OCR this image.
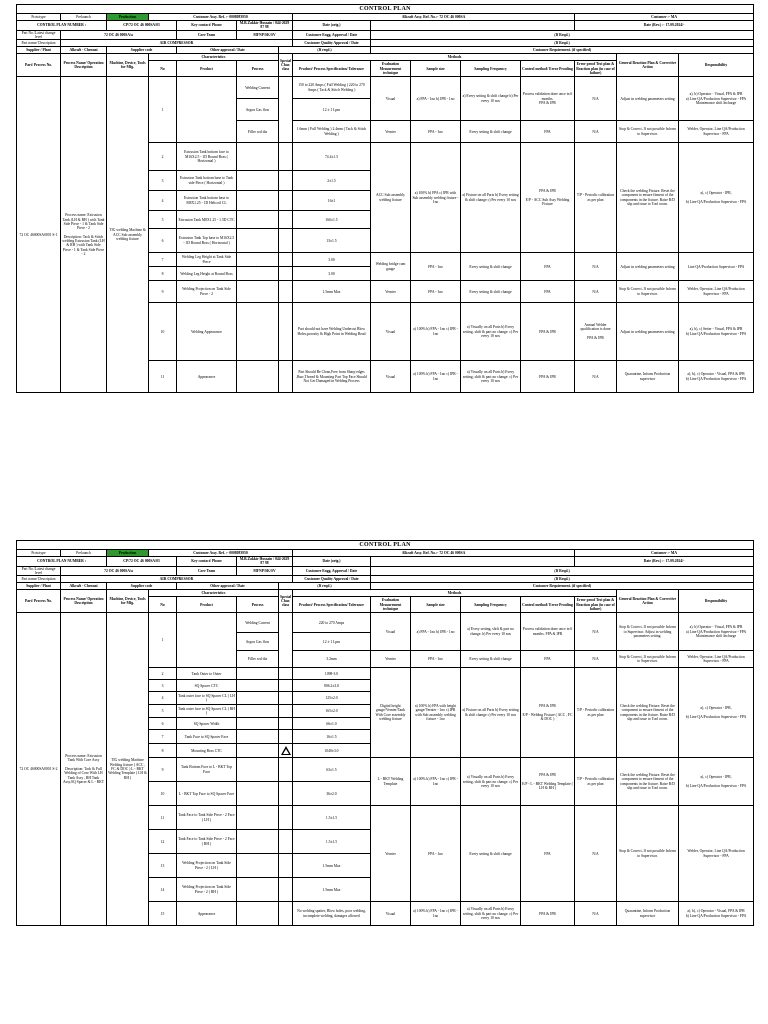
CONTROL PLAN														
Prototype	Prelaunch	Production	Customer Assy. Ref. :- 0008083950				Alkraft Assy. Ref. No.:- 72 OC 46 000SA					Customer :- MA		
CONTROL PLAN NUMBER :		CP/72 OC 46 000SA/03		Key contact/ Phone	M.B.Zakkir Hussain / 044-2629 87 98		Date (orig.)					Date (Rev.) :- 17.09.2024/-		
Part No./Latest change level	72 OC 46 000SA/a			Core Team	MFNP/SK/SV		Customer Engg. Approval / Date	(If Reqd.)						
Part name/ Description	AIR COMPRESSOR						Customer Quality Approval / Date	(If Reqd.)						
Supplier / Plant	Alkraft - Chennai	Supplier code		Other approval / Date		(If reqd.)		Customer Requirement. (if specified)						
Part/ Process No.	Process Name/ Operation Description	Machine, Device, Tools for Mfg.	Characteristics			Special Char. class	Methods						General Reaction Plan & Corrective Action	Responsibility
			No	Product	Process		Product/ Process Specification/ Tolerance	Evaluation Measurement technique	Sample size	Sampling Frequency	Control method/ Error Proofing	Error proof Test plan & Reaction plan (in case of failure)		
72 OC 46000SA0001 S-1	Process name: Extrusion Tank (LH & RH ) with Tank Side Piece - 1 & Tank Side Piece - 2

Description: Tack & Stitch welding Extrusion Tank (LH & RH ) with Tank Side Piece - 1 & Tank Side Piece - 2	TIG welding Machine & ACC Sub assembly welding fixture	1		Welding Current		150 to 220 Amps ( Full Welding ) 220 to 270 Amps ( Tack & Stitch Welding )	Visual	a) FPA - 1no b) IPR - 1no	a) Every setting & shift change b) Per every 10 nos	Process validation done once in 6 months.
FPA & IPR	N/A	Adjust in welding parameters setting	a), b) Operator - Visual, FPA & IPR
a) Line QA/Production Supervisor - FPA
Maintenance shift Incharge
					Argon Gas flow		12 ± 1 Lpm							
					Filler rod dia		1.6mm ( Full Welding ) 2.4mm ( Tack & Stitch Welding )	Vernier	FPA - 1no	Every setting & shift change	FPA	N/A	Stop & Correct, If not possible Inform to Supervisor.	Welder, Operator, Line QA/Production Supervisor - FPA
			2	Extrusion Tank bottom face to M16X2.5 - 1D Round Boss ( Horizontal )			74.4±1.5	ACC Sub assembly welding fixture	a) 100% b) FPA c) IPR with Sub assembly welding fixture - 1no	a) Fixture on all Parts b) Every setting & shift change c) Per every 10 nos	FPA & IPR

E/P - ACC Sub Assy Welding Fixture	T/P - Periodic calibration as per plan	Check the welding Fixture. Reset the component to ensure fitment of the components in the fixture. Raise R/D slip and issue to Tool room.	a), c) Operator - IPR,

b) Line QA/Production Supervisor - FPA
			3	Extrusion Tank bottom base to Tank side Piece ( Horizontal )			2±1.5							
			4	Extrusion Tank bottom base to M8X1.25 - 1D Helicoil CL			16±1							
			5	Extrusion Tank M8X1.25 - 1.5D CTC			166±1.5							
			6	Extrusion Tank Top base to M16X2.5 - 1D Round Boss ( Horizontal )			13±1.5							
			7	Welding Leg Height at Tank Side Piece			3.00	Welding bridge cam gauge	FPA - 1no	Every setting & shift change	FPA	N/A	Adjust in welding parameters setting	Line QA/Production Supervisor - FPA
			8	Welding Leg Height at Round Boss			3.00							
			9	Welding Projection on Tank Side Piece - 2			1.5mm Max	Vernier	FPA - 1no	Every setting & shift change	FPA	N/A	Stop & Correct, If not possible Inform to Supervisor.	Welder, Operator, Line QA/Production Supervisor - FPA
			10	Welding Appearance			Part should not have Welding Undercut Blow Holes,porosity & High Point in Welding Bead	Visual	a) 100% b) FPA - 1no c) IPR - 1no	a) Visually on all Parts b) Every setting, shift & part no change. c) Per every 10 nos	FPA & IPR	Annual Welder qualification is done

FPA & IPR	Adjust in welding parameters setting	a), b), c) Setter - Visual, FPA & IPR
b) Line QA/Production Supervisor - FPA
			11	Appearance			Part Should Be Clean,Free from Sharp edges ,Burr,Thread & Mounting Part Top Face Should Not Get Damaged in Welding Process	Visual	a) 100% b) FPA - 1no c) IPR - 1no	a) Visually on all Parts b) Every setting, shift & part no change. c) Per every 10 nos	FPA & IPR	N/A	Quarantine, Inform Production supervisor	a), b), c) Operator - Visual, FPA & IPR
b) Line QA/Production Supervisor - FPA
CONTROL PLAN														
Prototype	Prelaunch	Production	Customer Assy. Ref. :- 0008083950				Alkraft Assy. Ref. No.:- 72 OC 46 000SA					Customer :- MA		
CONTROL PLAN NUMBER :		CP/72 OC 46 000SA/03		Key contact/ Phone	M.B.Zakkir Hussain / 044-2629 87 98		Date (orig.)					Date (Rev.) :- 17.09.2024/-		
Part No./Latest change level	72 OC 46 000SA/a			Core Team	MFNP/SK/SV		Customer Engg. Approval / Date	(If Reqd.)						
Part name/ Description	AIR COMPRESSOR						Customer Quality Approval / Date	(If Reqd.)						
Supplier / Plant	Alkraft - Chennai	Supplier code		Other approval / Date		(If reqd.)		Customer Requirement. (if specified)						
Part/ Process No.	Process Name/ Operation Description	Machine, Device, Tools for Mfg.	Characteristics			Special Char. class	Methods						General Reaction Plan & Corrective Action	Responsibility
			No	Product	Process		Product/ Process Specification/ Tolerance	Evaluation Measurement technique	Sample size	Sampling Frequency	Control method/ Error Proofing	Error proof Test plan & Reaction plan (in case of failure)		
72 OC 46000SA0001 S-2	Process name: Extrusion Tank With Core Assy

Description: Tack & Full Welding of Core With LH Tank Assy , RH Tank Assy,SQ Spacer & L - BKT	TIG welding Machine Welding fixture ( ACC , FC & DOC ) L - BKT Welding Template ( LH & RH )	1		Welding Current		220 to 270 Amps	Visual	a) FPA - 1no b) IPR - 1no	a) Every setting, shift & part no change. b) Per every 10 nos	Process validation done once in 6 months. FPA & IPR	N/A	Stop & Correct, If not possible Inform to Supervisor. Adjust in welding parameters setting.	a), b) Operator - Visual, FPA & IPR
a) Line QA/Production Supervisor - FPA
Maintenance shift Incharge
					Argon Gas flow		12 ± 1 Lpm							
					Filler rod dia		3.2mm	Vernier	FPA - 1no	Every setting & shift change	FPA	N/A	Stop & Correct, If not possible Inform to Supervisor.	Welder, Operator, Line QA/Production Supervisor - FPA
			2	Tank Outer to Outer			1098-3.0	Digital height gauge/Vernier/Tank With Core assembly welding fixture	a) 100% b) FPA with height gauge/Vernier - 1no c) IPR with Sub assembly welding fixture - 1no	a) Fixture on all Parts b) Every setting & shift change c) Per every 10 nos	FPA & IPR

E/P - Welding Fixture ( ACC , FC & DOC )	T/P - Periodic calibration as per plan	Check the welding Fixture. Reset the component to ensure fitment of the components in the fixture. Raise R/D slip and issue to Tool room.	a), c) Operator - IPR,

b) Line QA/Production Supervisor - FPA
			3	SQ Spacer CTC			806.2±3.0							
			4	Tank outer face to SQ Spacer CL ( LH )			125±2.0							
			5	Tank outer face to SQ Spacer CL ( RH )			165±2.0							
			6	SQ Spacer Width			66±1.0							
			7	Tank Face to SQ Spacer Face			16±1.5							
			8	Mounting Boss CTC			1040±3.0							
			9	Tank Bottom Face to L - BKT Top Face			63±1.5	L - BKT Welding Template	a) 100% b) FPA - 1no c) IPR - 1no	a) Visually on all Parts b) Every setting, shift & part no change. c) Per every 10 nos	FPA & IPR

E/P - L - BKT Welding Template ( LH & RH )	T/P - Periodic calibration as per plan	Check the welding Fixture. Reset the component to ensure fitment of the components in the fixture. Raise R/D slip and issue to Tool room.	a), c) Operator - IPR,

b) Line QA/Production Supervisor - FPA
			10	L - BKT Top Face to SQ Spacer Face			36±2.0							
			11	Tank Face to Tank Side Piece - 2 Face ( LH )			1.5±1.5	Vernier	FPA - 1no	Every setting & shift change	FPA	N/A	Stop & Correct, If not possible Inform to Supervisor.	Welder, Operator, Line QA/Production Supervisor - FPA
			12	Tank Face to Tank Side Piece - 2 Face ( RH )			1.5±1.5							
			13	Welding Projection on Tank Side Piece - 2 ( LH )			1.5mm Max							
			14	Welding Projection on Tank Side Piece - 2 ( RH )			1.5mm Max							
			15	Appearance			No welding spatter, Blow holes, poor welding, incomplete welding, damages allowed	Visual	a) 100% b) FPA - 1no c) IPR - 1no	a) Visually on all Parts b) Every setting, shift & part no change. c) Per every 10 nos	FPA & IPR	N/A	Quarantine, Inform Production supervisor	a), b), c) Operator - Visual, FPA & IPR
b) Line QA/Production Supervisor - FPA
